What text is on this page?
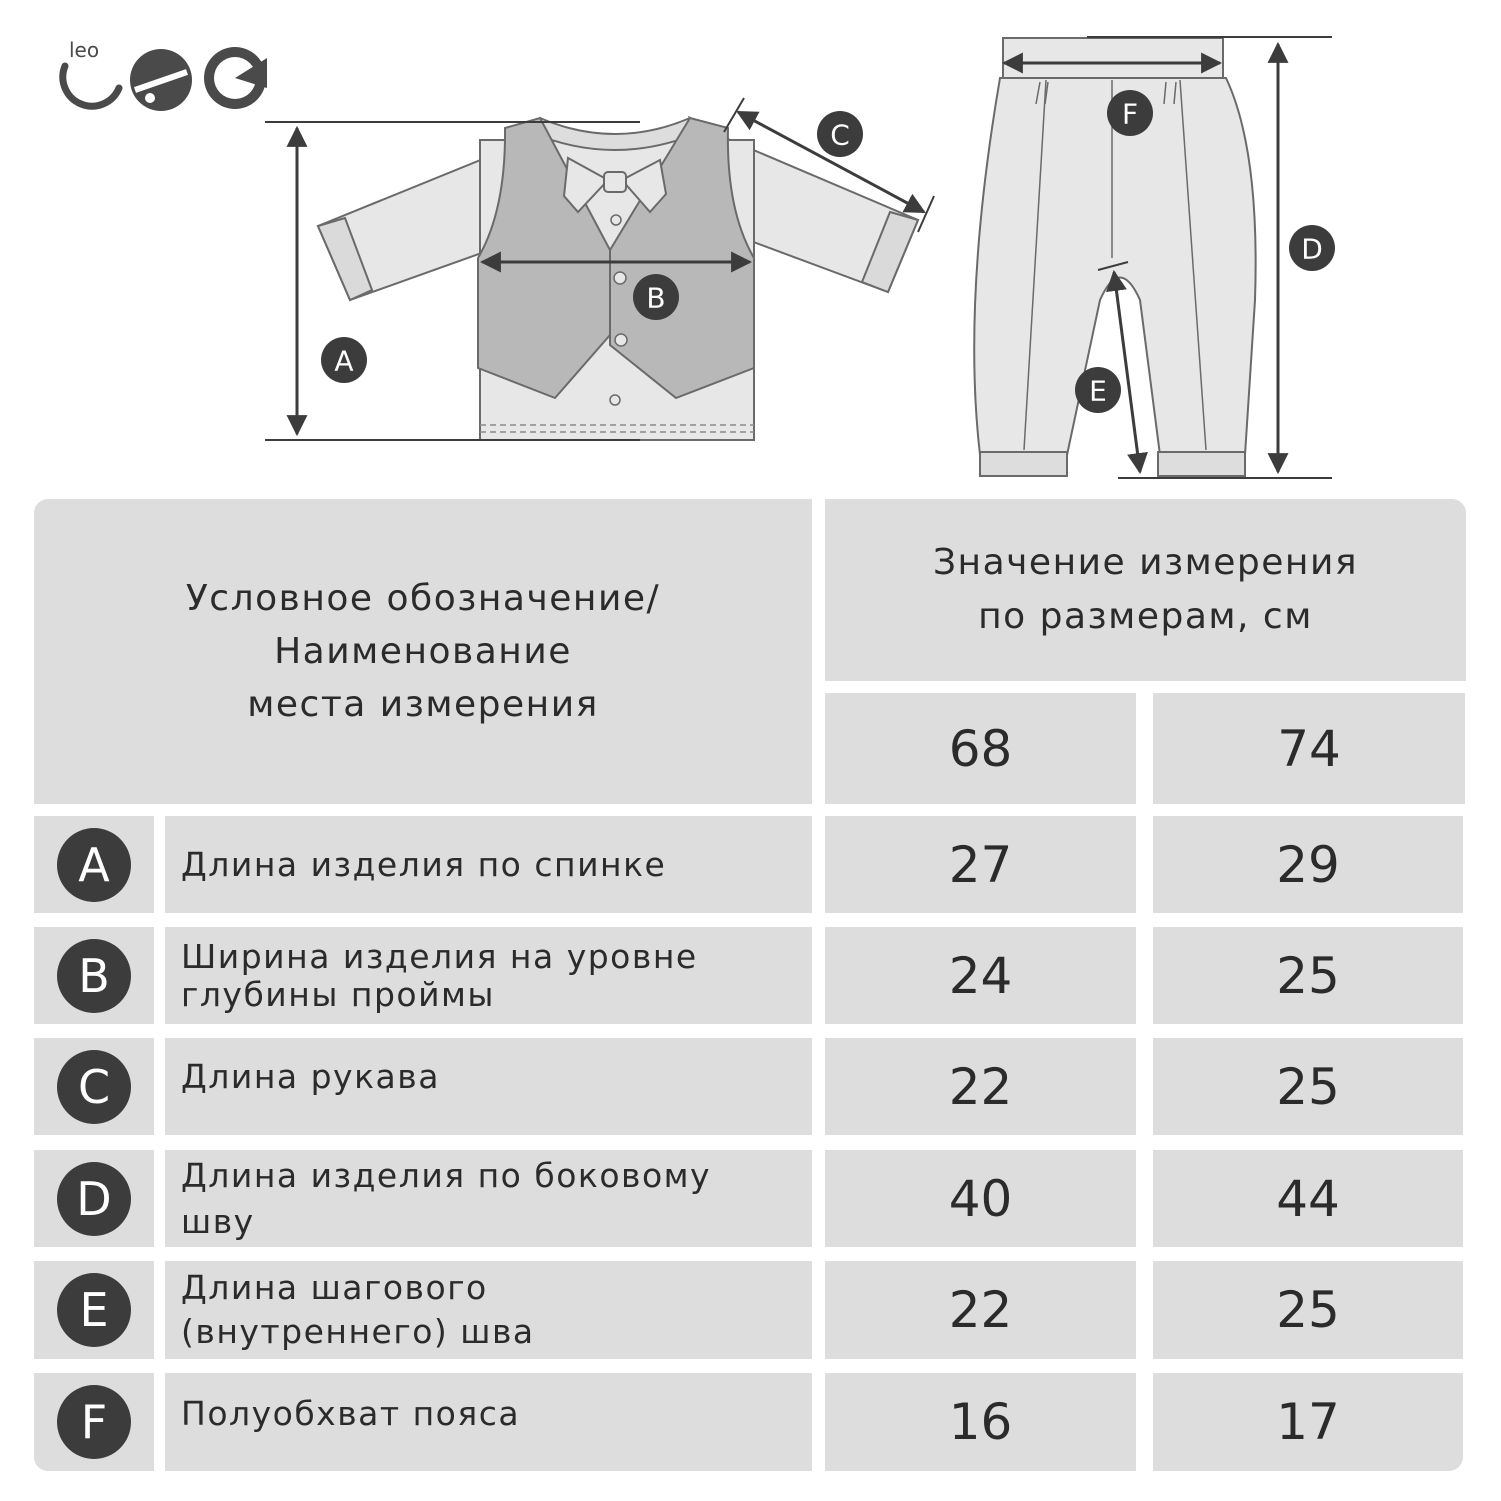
leo
A
B
C
D
E
F
Условное обозначение/
Наименование
места измерения
Значение измерения
по размерам, см
68	74
A	Длина изделия по спинке	27	29
B	Ширина изделия на уровне
глубины проймы	24	25
C	Длина рукава	22	25
D	Длина изделия по боковому
шву	40	44
E	Длина шагового
(внутреннего) шва	22	25
F	Полуобхват пояса	16	17
